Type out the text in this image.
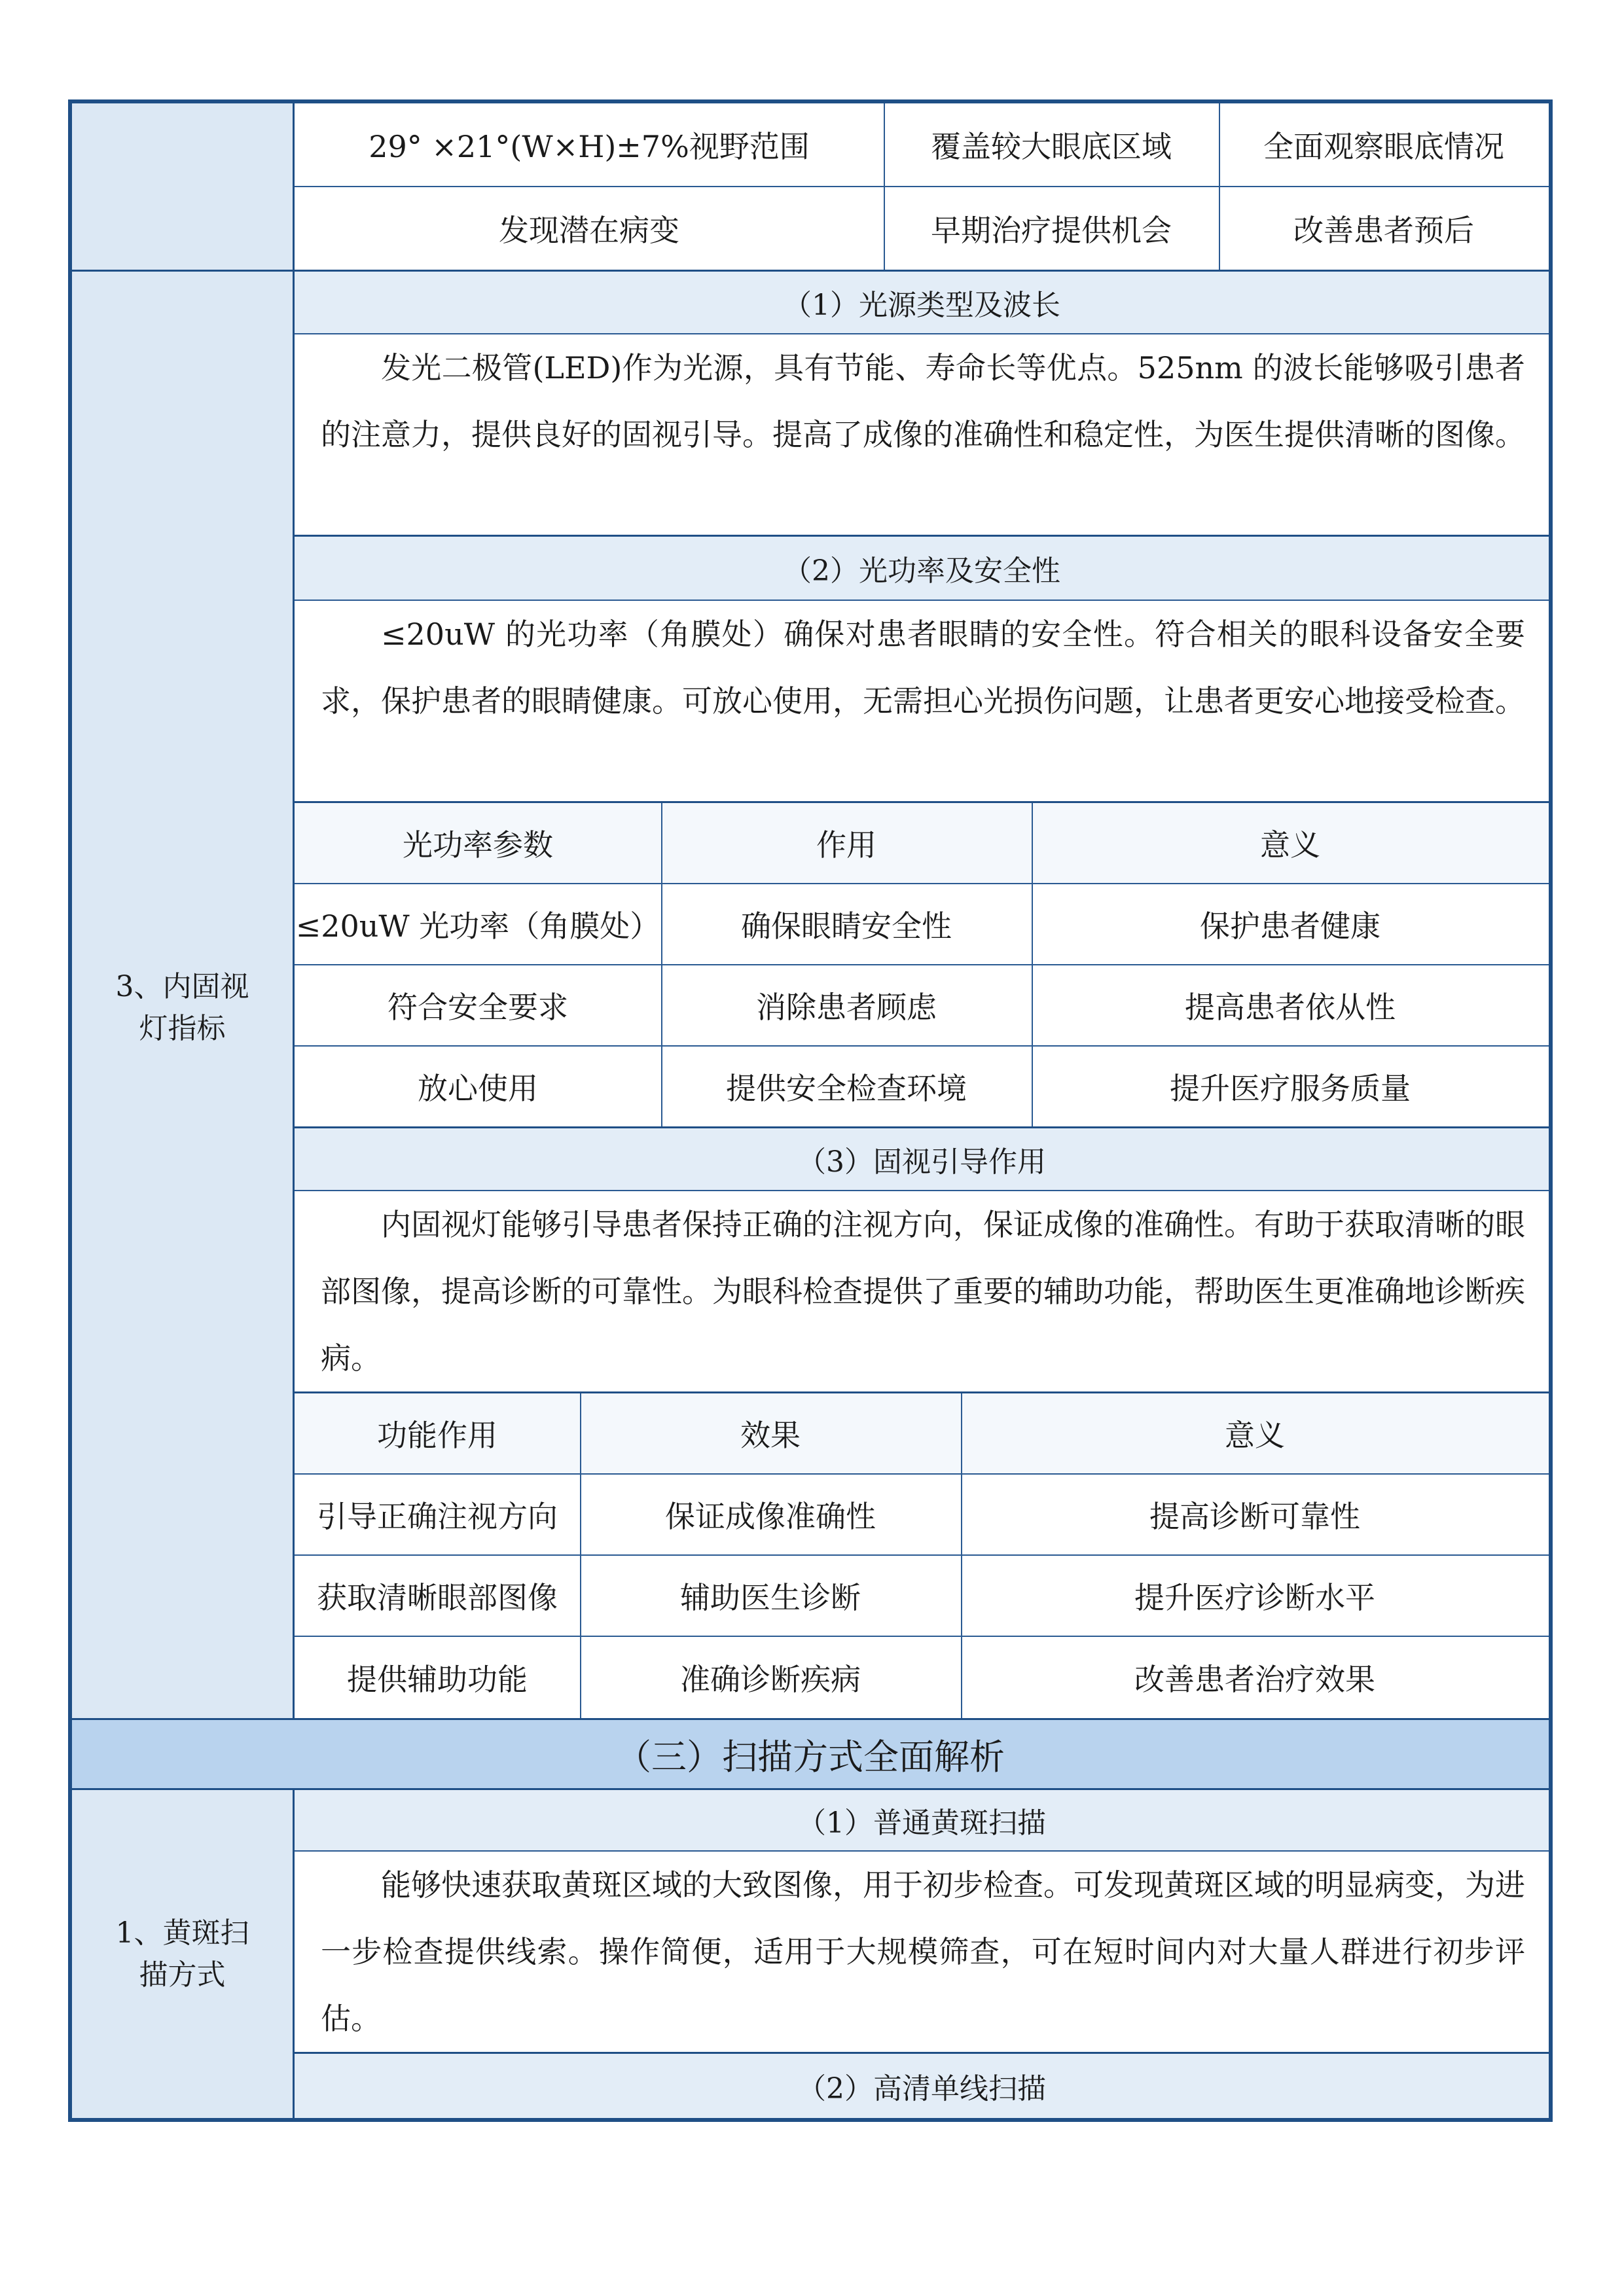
29° ×21°(W×H)±7%视野范围	覆盖较大眼底区域	全面观察眼底情况
发现潜在病变	早期治疗提供机会	改善患者预后
3、内固视灯指标
（1）光源类型及波长
发光二极管(LED)作为光源，具有节能、寿命长等优点。525nm 的波长能够吸引患者的注意力，提供良好的固视引导。提高了成像的准确性和稳定性，为医生提供清晰的图像。
（2）光功率及安全性
≤20uW 的光功率（角膜处）确保对患者眼睛的安全性。符合相关的眼科设备安全要求，保护患者的眼睛健康。可放心使用，无需担心光损伤问题，让患者更安心地接受检查。
光功率参数	作用	意义
≤20uW 光功率（角膜处）	确保眼睛安全性	保护患者健康
符合安全要求	消除患者顾虑	提高患者依从性
放心使用	提供安全检查环境	提升医疗服务质量
（3）固视引导作用
内固视灯能够引导患者保持正确的注视方向，保证成像的准确性。有助于获取清晰的眼部图像，提高诊断的可靠性。为眼科检查提供了重要的辅助功能，帮助医生更准确地诊断疾病。
功能作用	效果	意义
引导正确注视方向	保证成像准确性	提高诊断可靠性
获取清晰眼部图像	辅助医生诊断	提升医疗诊断水平
提供辅助功能	准确诊断疾病	改善患者治疗效果
（三）扫描方式全面解析
1、黄斑扫描方式
（1）普通黄斑扫描
能够快速获取黄斑区域的大致图像，用于初步检查。可发现黄斑区域的明显病变，为进一步检查提供线索。操作简便，适用于大规模筛查，可在短时间内对大量人群进行初步评估。
（2）高清单线扫描
